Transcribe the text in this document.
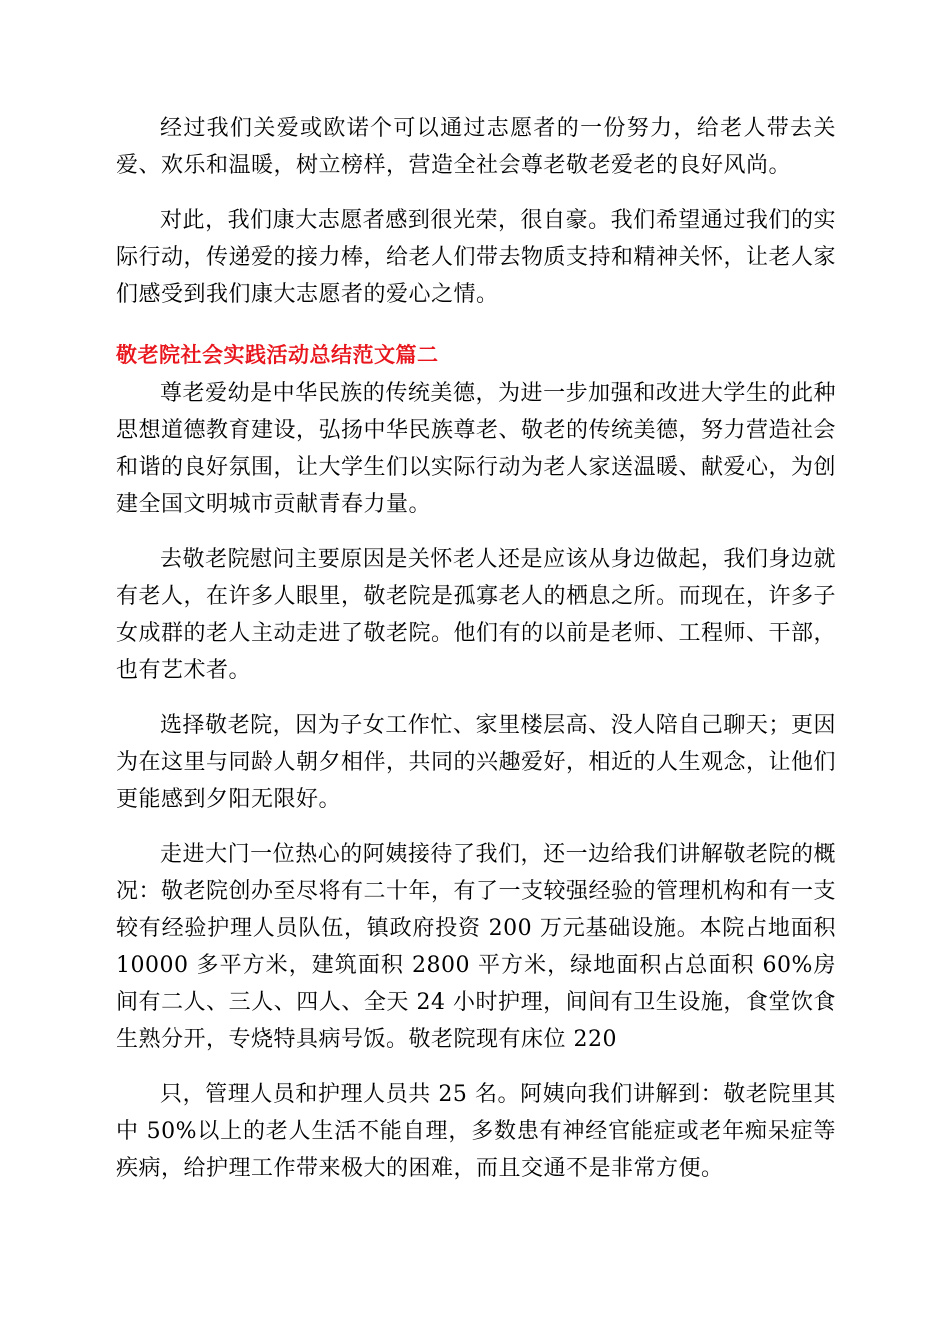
经过我们关爱或欧诺个可以通过志愿者的一份努力，给老人带去关爱、欢乐和温暖，树立榜样，营造全社会尊老敬老爱老的良好风尚。

对此，我们康大志愿者感到很光荣，很自豪。我们希望通过我们的实际行动，传递爱的接力棒，给老人们带去物质支持和精神关怀，让老人家们感受到我们康大志愿者的爱心之情。

敬老院社会实践活动总结范文篇二

尊老爱幼是中华民族的传统美德，为进一步加强和改进大学生的此种思想道德教育建设，弘扬中华民族尊老、敬老的传统美德，努力营造社会和谐的良好氛围，让大学生们以实际行动为老人家送温暖、献爱心，为创建全国文明城市贡献青春力量。

去敬老院慰问主要原因是关怀老人还是应该从身边做起，我们身边就有老人，在许多人眼里，敬老院是孤寡老人的栖息之所。而现在，许多子女成群的老人主动走进了敬老院。他们有的以前是老师、工程师、干部，也有艺术者。

选择敬老院，因为子女工作忙、家里楼层高、没人陪自己聊天；更因为在这里与同龄人朝夕相伴，共同的兴趣爱好，相近的人生观念，让他们更能感到夕阳无限好。

走进大门一位热心的阿姨接待了我们，还一边给我们讲解敬老院的概况：敬老院创办至尽将有二十年，有了一支较强经验的管理机构和有一支较有经验护理人员队伍，镇政府投资 200 万元基础设施。本院占地面积 10000 多平方米，建筑面积 2800 平方米，绿地面积占总面积 60%房间有二人、三人、四人、全天 24 小时护理，间间有卫生设施，食堂饮食生熟分开，专烧特具病号饭。敬老院现有床位 220

只，管理人员和护理人员共 25 名。阿姨向我们讲解到：敬老院里其中 50%以上的老人生活不能自理，多数患有神经官能症或老年痴呆症等疾病，给护理工作带来极大的困难，而且交通不是非常方便。
